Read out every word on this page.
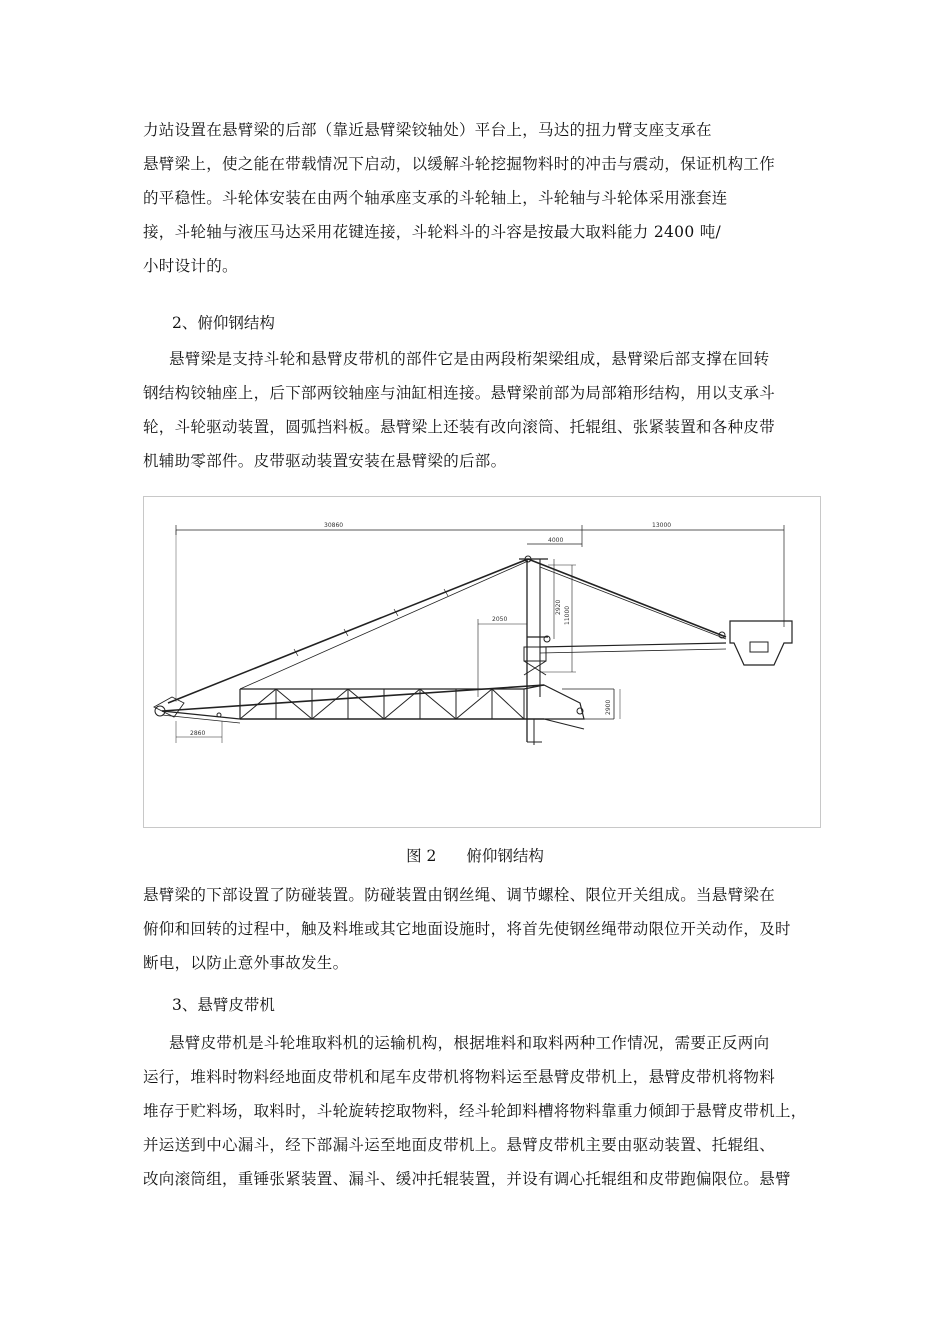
力站设置在悬臂梁的后部（靠近悬臂梁铰轴处）平台上，马达的扭力臂支座支承在
悬臂梁上，使之能在带载情况下启动，以缓解斗轮挖掘物料时的冲击与震动，保证机构工作
的平稳性。斗轮体安装在由两个轴承座支承的斗轮轴上，斗轮轴与斗轮体采用涨套连
接，斗轮轴与液压马达采用花键连接，斗轮料斗的斗容是按最大取料能力 2400 吨/
小时设计的。
2、俯仰钢结构
悬臂梁是支持斗轮和悬臂皮带机的部件它是由两段桁架梁组成，悬臂梁后部支撑在回转
钢结构铰轴座上，后下部两铰轴座与油缸相连接。悬臂梁前部为局部箱形结构，用以支承斗
轮，斗轮驱动装置，圆弧挡料板。悬臂梁上还装有改向滚筒、托辊组、张紧装置和各种皮带
机辅助零部件。皮带驱动装置安装在悬臂梁的后部。
30860	13000
4000
2920 11000
2050
2860
2900
图 2 俯仰钢结构
悬臂梁的下部设置了防碰装置。防碰装置由钢丝绳、调节螺栓、限位开关组成。当悬臂梁在
俯仰和回转的过程中，触及料堆或其它地面设施时，将首先使钢丝绳带动限位开关动作，及时
断电，以防止意外事故发生。
3、悬臂皮带机
悬臂皮带机是斗轮堆取料机的运输机构，根据堆料和取料两种工作情况，需要正反两向
运行，堆料时物料经地面皮带机和尾车皮带机将物料运至悬臂皮带机上，悬臂皮带机将物料
堆存于贮料场，取料时，斗轮旋转挖取物料，经斗轮卸料槽将物料靠重力倾卸于悬臂皮带机上，
并运送到中心漏斗，经下部漏斗运至地面皮带机上。悬臂皮带机主要由驱动装置、托辊组、
改向滚筒组，重锤张紧装置、漏斗、缓冲托辊装置，并设有调心托辊组和皮带跑偏限位。悬臂
